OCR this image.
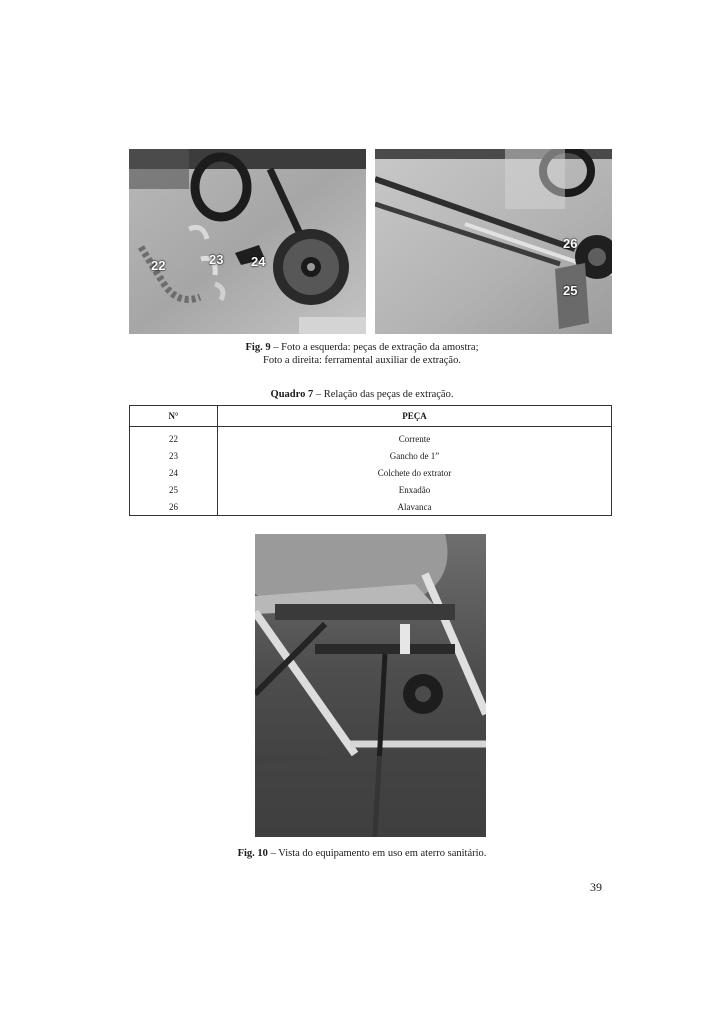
22	23 24
26
25
Fig. 9 – Foto a esquerda: peças de extração da amostra;
Foto a direita: ferramental auxiliar de extração.
Quadro 7 – Relação das peças de extração.
N°	PEÇA
22	Corrente
23	Gancho de 1”
24	Colchete do extrator
25	Enxadão
26	Alavanca
Fig. 10 – Vista do equipamento em uso em aterro sanitário.
39
